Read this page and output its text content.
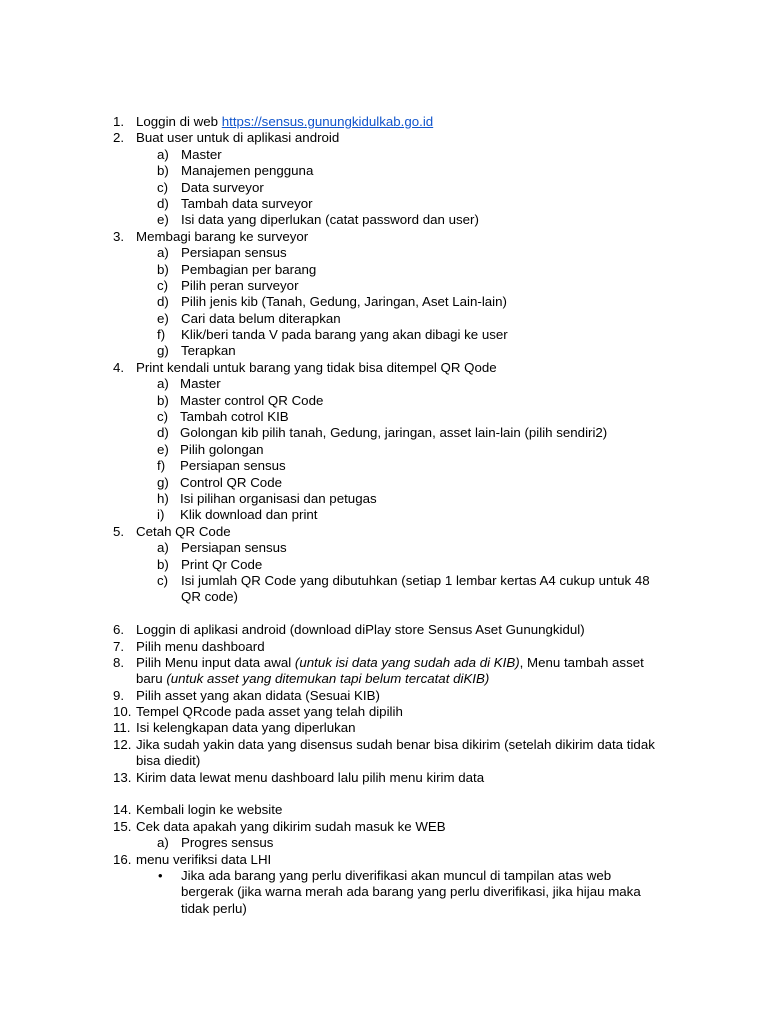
1. Loggin di web https://sensus.gunungkidulkab.go.id
2. Buat user untuk di aplikasi android
a) Master
b) Manajemen pengguna
c) Data surveyor
d) Tambah data surveyor
e) Isi data yang diperlukan (catat password dan user)
3. Membagi barang ke surveyor
a) Persiapan sensus
b) Pembagian per barang
c) Pilih peran surveyor
d) Pilih jenis kib (Tanah, Gedung, Jaringan, Aset Lain-lain)
e) Cari data belum diterapkan
f) Klik/beri tanda V pada barang yang akan dibagi ke user
g) Terapkan
4. Print kendali untuk barang yang tidak bisa ditempel QR Qode
a) Master
b) Master control QR Code
c) Tambah cotrol KIB
d) Golongan kib pilih tanah, Gedung, jaringan, asset lain-lain (pilih sendiri2)
e) Pilih golongan
f) Persiapan sensus
g) Control QR Code
h) Isi pilihan organisasi dan petugas
i) Klik download dan print
5. Cetah QR Code
a) Persiapan sensus
b) Print Qr Code
c) Isi jumlah QR Code yang dibutuhkan (setiap 1 lembar kertas A4 cukup untuk 48
QR code)
6. Loggin di aplikasi android (download diPlay store Sensus Aset Gunungkidul)
7. Pilih menu dashboard
8. Pilih Menu input data awal (untuk isi data yang sudah ada di KIB), Menu tambah asset
baru (untuk asset yang ditemukan tapi belum tercatat diKIB)
9. Pilih asset yang akan didata (Sesuai KIB)
10. Tempel QRcode pada asset yang telah dipilih
11. Isi kelengkapan data yang diperlukan
12. Jika sudah yakin data yang disensus sudah benar bisa dikirim (setelah dikirim data tidak
bisa diedit)
13. Kirim data lewat menu dashboard lalu pilih menu kirim data
14. Kembali login ke website
15. Cek data apakah yang dikirim sudah masuk ke WEB
a) Progres sensus
16. menu verifiksi data LHI
• Jika ada barang yang perlu diverifikasi akan muncul di tampilan atas web
bergerak (jika warna merah ada barang yang perlu diverifikasi, jika hijau maka
tidak perlu)
